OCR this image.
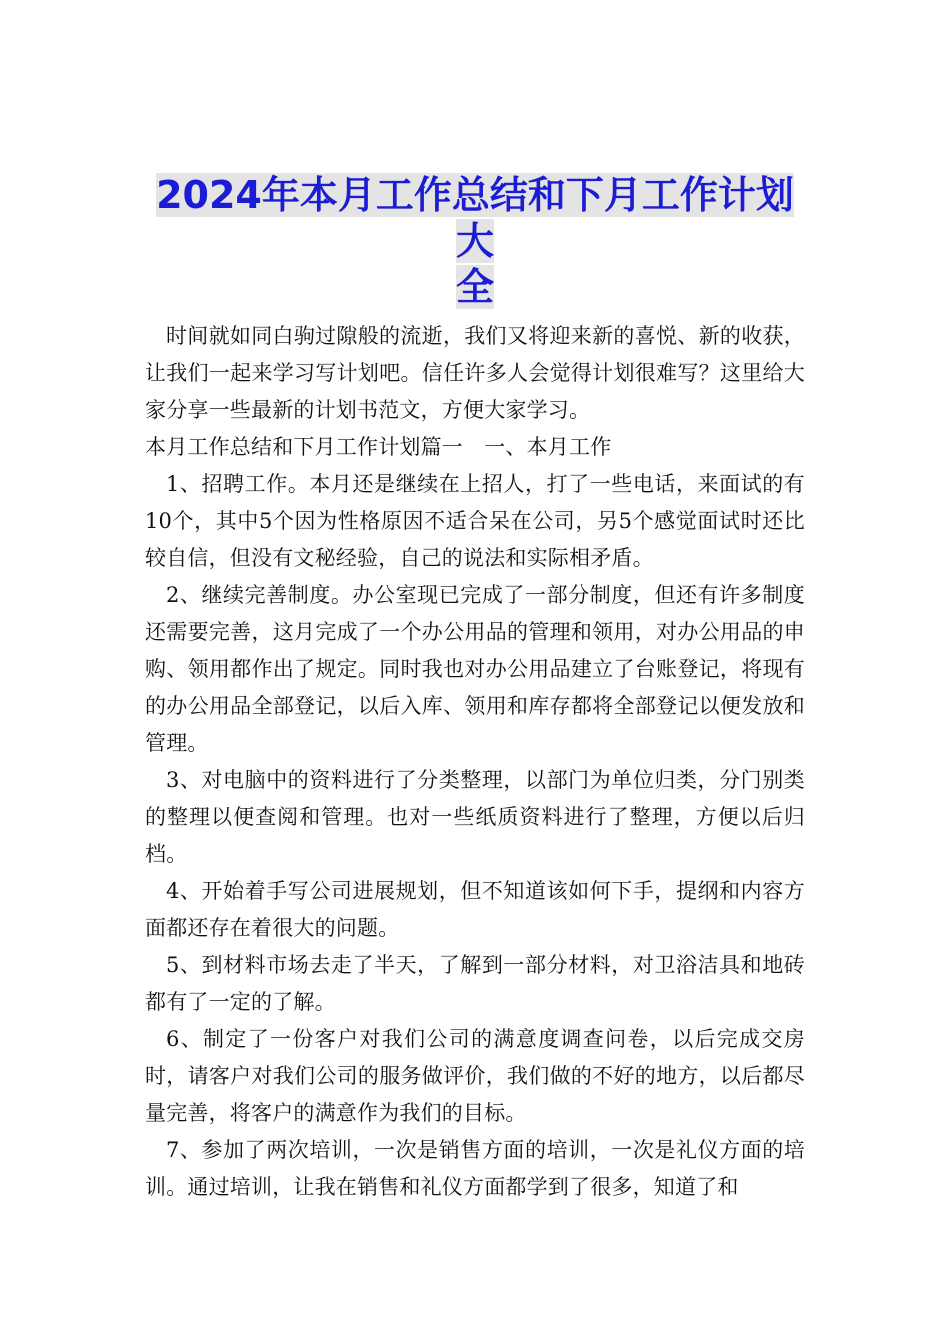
2024年本月工作总结和下月工作计划大
全

时间就如同白驹过隙般的流逝，我们又将迎来新的喜悦、新的收获，让我们一起来学习写计划吧。信任许多人会觉得计划很难写？这里给大家分享一些最新的计划书范文，方便大家学习。

本月工作总结和下月工作计划篇一　一、本月工作

1、招聘工作。本月还是继续在上招人，打了一些电话，来面试的有10个，其中5个因为性格原因不适合呆在公司，另5个感觉面试时还比较自信，但没有文秘经验，自己的说法和实际相矛盾。

2、继续完善制度。办公室现已完成了一部分制度，但还有许多制度还需要完善，这月完成了一个办公用品的管理和领用，对办公用品的申购、领用都作出了规定。同时我也对办公用品建立了台账登记，将现有的办公用品全部登记，以后入库、领用和库存都将全部登记以便发放和管理。

3、对电脑中的资料进行了分类整理，以部门为单位归类，分门别类的整理以便查阅和管理。也对一些纸质资料进行了整理，方便以后归档。

4、开始着手写公司进展规划，但不知道该如何下手，提纲和内容方面都还存在着很大的问题。

5、到材料市场去走了半天，了解到一部分材料，对卫浴洁具和地砖都有了一定的了解。

6、制定了一份客户对我们公司的满意度调查问卷，以后完成交房时，请客户对我们公司的服务做评价，我们做的不好的地方，以后都尽量完善，将客户的满意作为我们的目标。

7、参加了两次培训，一次是销售方面的培训，一次是礼仪方面的培训。通过培训，让我在销售和礼仪方面都学到了很多，知道了和
